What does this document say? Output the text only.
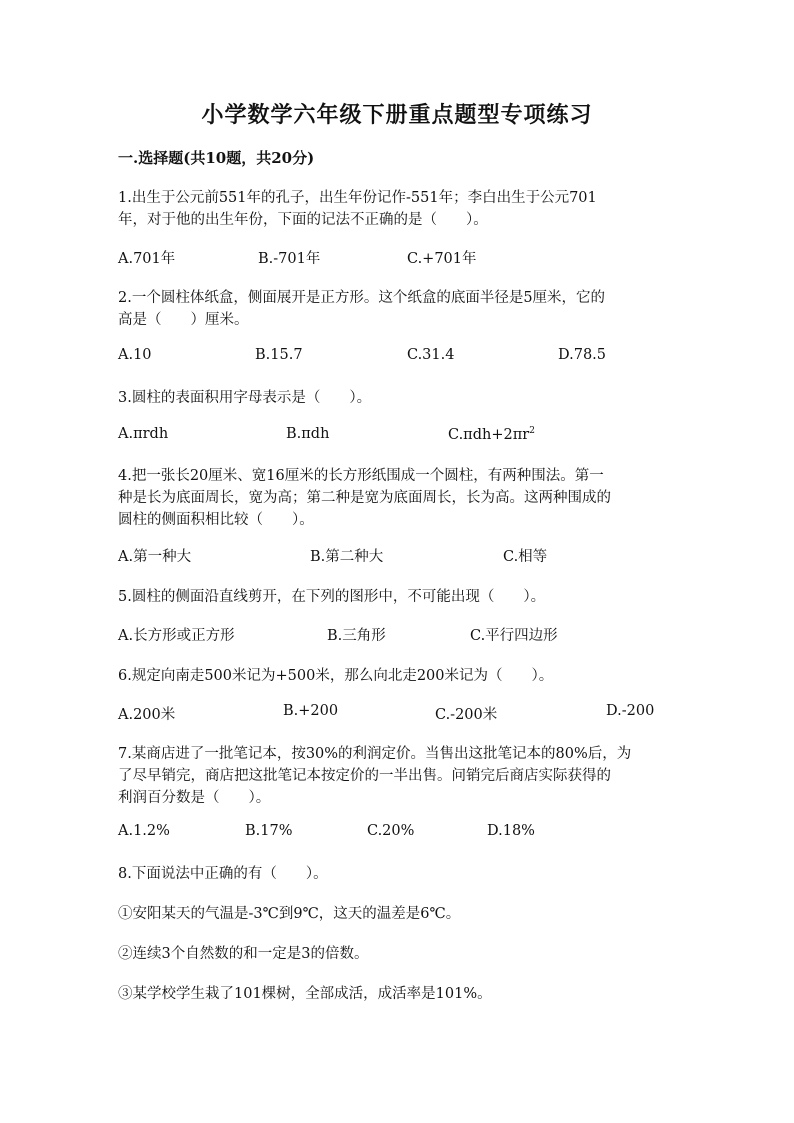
小学数学六年级下册重点题型专项练习
一.选择题(共10题，共20分)
1.出生于公元前551年的孔子，出生年份记作-551年；李白出生于公元701
年，对于他的出生年份，下面的记法不正确的是（　　）。
A.701年	B.-701年	C.+701年
2.一个圆柱体纸盒，侧面展开是正方形。这个纸盒的底面半径是5厘米，它的
高是（　　）厘米。
A.10	B.15.7	C.31.4	D.78.5
3.圆柱的表面积用字母表示是（　　）。
A.πrdh	B.πdh	$C.\pi dh+2\pi r^2$
4.把一张长20厘米、宽16厘米的长方形纸围成一个圆柱，有两种围法。第一
种是长为底面周长，宽为高；第二种是宽为底面周长，长为高。这两种围成的
圆柱的侧面积相比较（　　）。
A.第一种大	B.第二种大	C.相等
5.圆柱的侧面沿直线剪开，在下列的图形中，不可能出现（　　）。
A.长方形或正方形	B.三角形	C.平行四边形
6.规定向南走500米记为+500米，那么向北走200米记为（　　）。
A.200米	B.+200	C.-200米	D.-200
7.某商店进了一批笔记本，按30%的利润定价。当售出这批笔记本的80%后，为
了尽早销完，商店把这批笔记本按定价的一半出售。问销完后商店实际获得的
利润百分数是（　　）。
A.1.2%	B.17%	C.20%	D.18%
8.下面说法中正确的有（　　）。
①安阳某天的气温是-3℃到9℃，这天的温差是6℃。
②连续3个自然数的和一定是3的倍数。
③某学校学生栽了101棵树，全部成活，成活率是101%。
